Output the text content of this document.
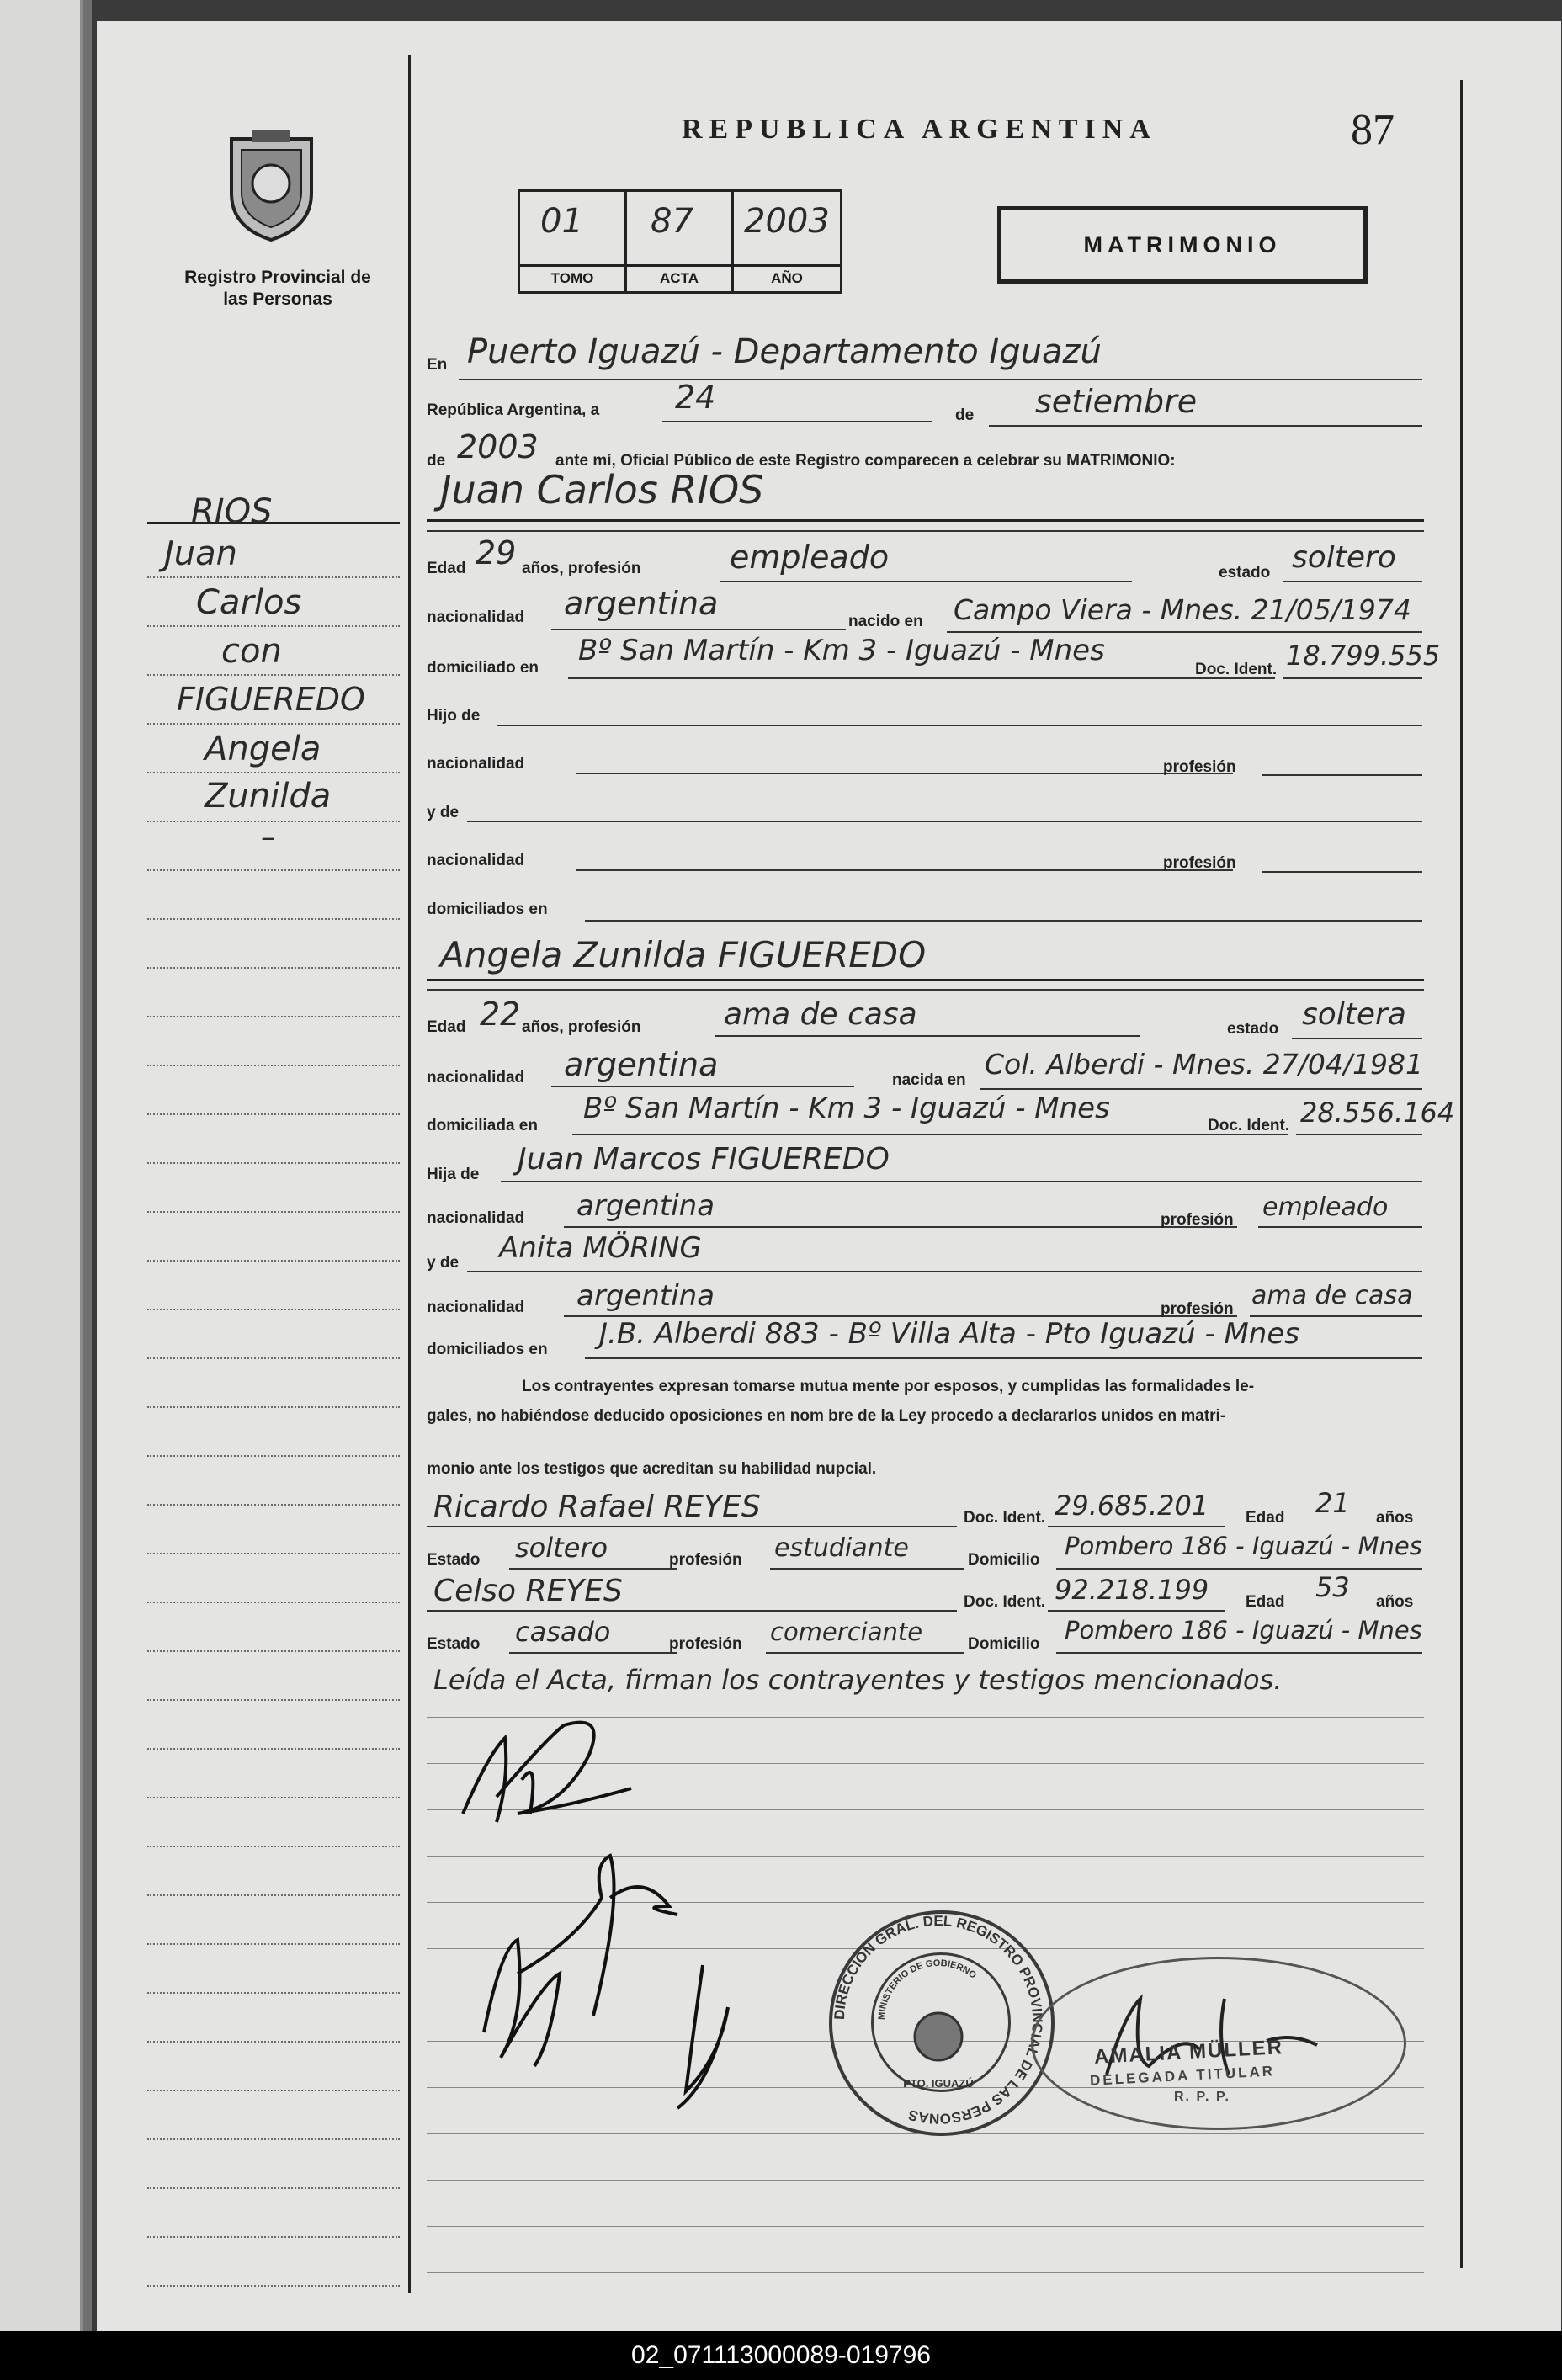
Registro Provincial de las Personas
RIOS
Juan
Carlos
con
FIGUEREDO
Angela
Zunilda
–
REPUBLICA ARGENTINA	87
01
TOMO
87
ACTA
2003
AÑO
MATRIMONIO
En Puerto Iguazú - Departamento Iguazú
República Argentina, a 24	de setiembre
de 2003 ante mí, Oficial Público de este Registro comparecen a celebrar su MATRIMONIO:
Juan Carlos RIOS
Edad 29 años, profesión	empleado	estado soltero
nacionalidad argentina	nacido en Campo Viera - Mnes. 21/05/1974
domiciliado en
Bº San Martín - Km 3 - Iguazú - Mnes
Doc. Ident. 18.799.555
Hijo de
nacionalidad	profesión
y de
nacionalidad	profesión
domiciliados en
Angela Zunilda FIGUEREDO
Edad 22 años, profesión	ama de casa	estado soltera
nacionalidad argentina	nacida en Col. Alberdi - Mnes. 27/04/1981
domiciliada en
Bº San Martín - Km 3 - Iguazú - Mnes
Doc. Ident. 28.556.164
Hija de Juan Marcos FIGUEREDO
nacionalidad argentina	profesión empleado
y de Anita MÖRING
nacionalidad argentina	profesión ama de casa
domiciliados en J.B. Alberdi 883 - Bº Villa Alta - Pto Iguazú - Mnes
Los contrayentes expresan tomarse mutua mente por esposos, y cumplidas las formalidades le-
gales, no habiéndose deducido oposiciones en nom bre de la Ley procedo a declararlos unidos en matri-
monio ante los testigos que acreditan su habilidad nupcial.
Ricardo Rafael REYES	Doc. Ident. 29.685.201 Edad 21 años
Estado soltero	profesión estudiante	Domicilio Pombero 186 - Iguazú - Mnes
Celso REYES	Doc. Ident. 92.218.199 Edad 53 años
Estado casado	profesión comerciante	Domicilio Pombero 186 - Iguazú - Mnes
Leída el Acta, firman los contrayentes y testigos mencionados.
DIRECCIÓN GRAL. DEL REGISTRO PROVINCIAL DE LAS PERSONAS
MINISTERIO DE GOBIERNO
PTO. IGUAZÚ
AMALIA MÜLLER
DELEGADA TITULAR
R. P. P.
02_071113000089-019796
